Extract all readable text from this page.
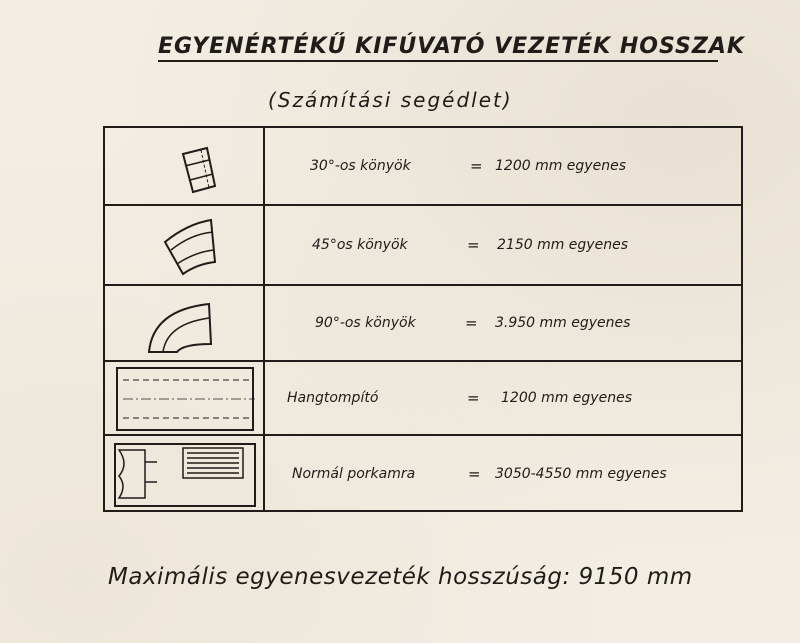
EGYENÉRTÉKŰ KIFÚVATÓ VEZETÉK HOSSZAK
(Számítási segédlet)
30°-os könyök	= 1200 mm egyenes
45°os könyök	= 2150 mm egyenes
90°-os könyök	= 3.950 mm egyenes
Hangtompító	= 1200 mm egyenes
Normál porkamra	= 3050-4550 mm egyenes
Maximális egyenesvezeték hosszúság: 9150 mm
